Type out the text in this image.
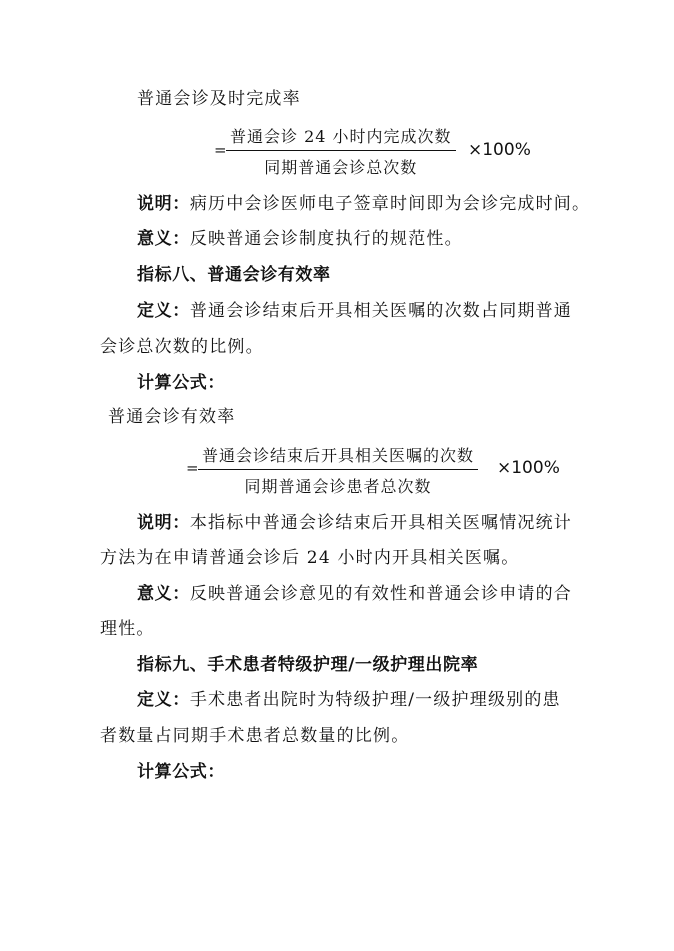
普通会诊及时完成率
=
普通会诊 24 小时内完成次数
同期普通会诊总次数
×100%
说明：病历中会诊医师电子签章时间即为会诊完成时间。
意义：反映普通会诊制度执行的规范性。
指标八、普通会诊有效率
定义：普通会诊结束后开具相关医嘱的次数占同期普通
会诊总次数的比例。
计算公式：
普通会诊有效率
=
普通会诊结束后开具相关医嘱的次数
同期普通会诊患者总次数
×100%
说明：本指标中普通会诊结束后开具相关医嘱情况统计
方法为在申请普通会诊后 24 小时内开具相关医嘱。
意义：反映普通会诊意见的有效性和普通会诊申请的合
理性。
指标九、手术患者特级护理/一级护理出院率
定义：手术患者出院时为特级护理/一级护理级别的患
者数量占同期手术患者总数量的比例。
计算公式：
